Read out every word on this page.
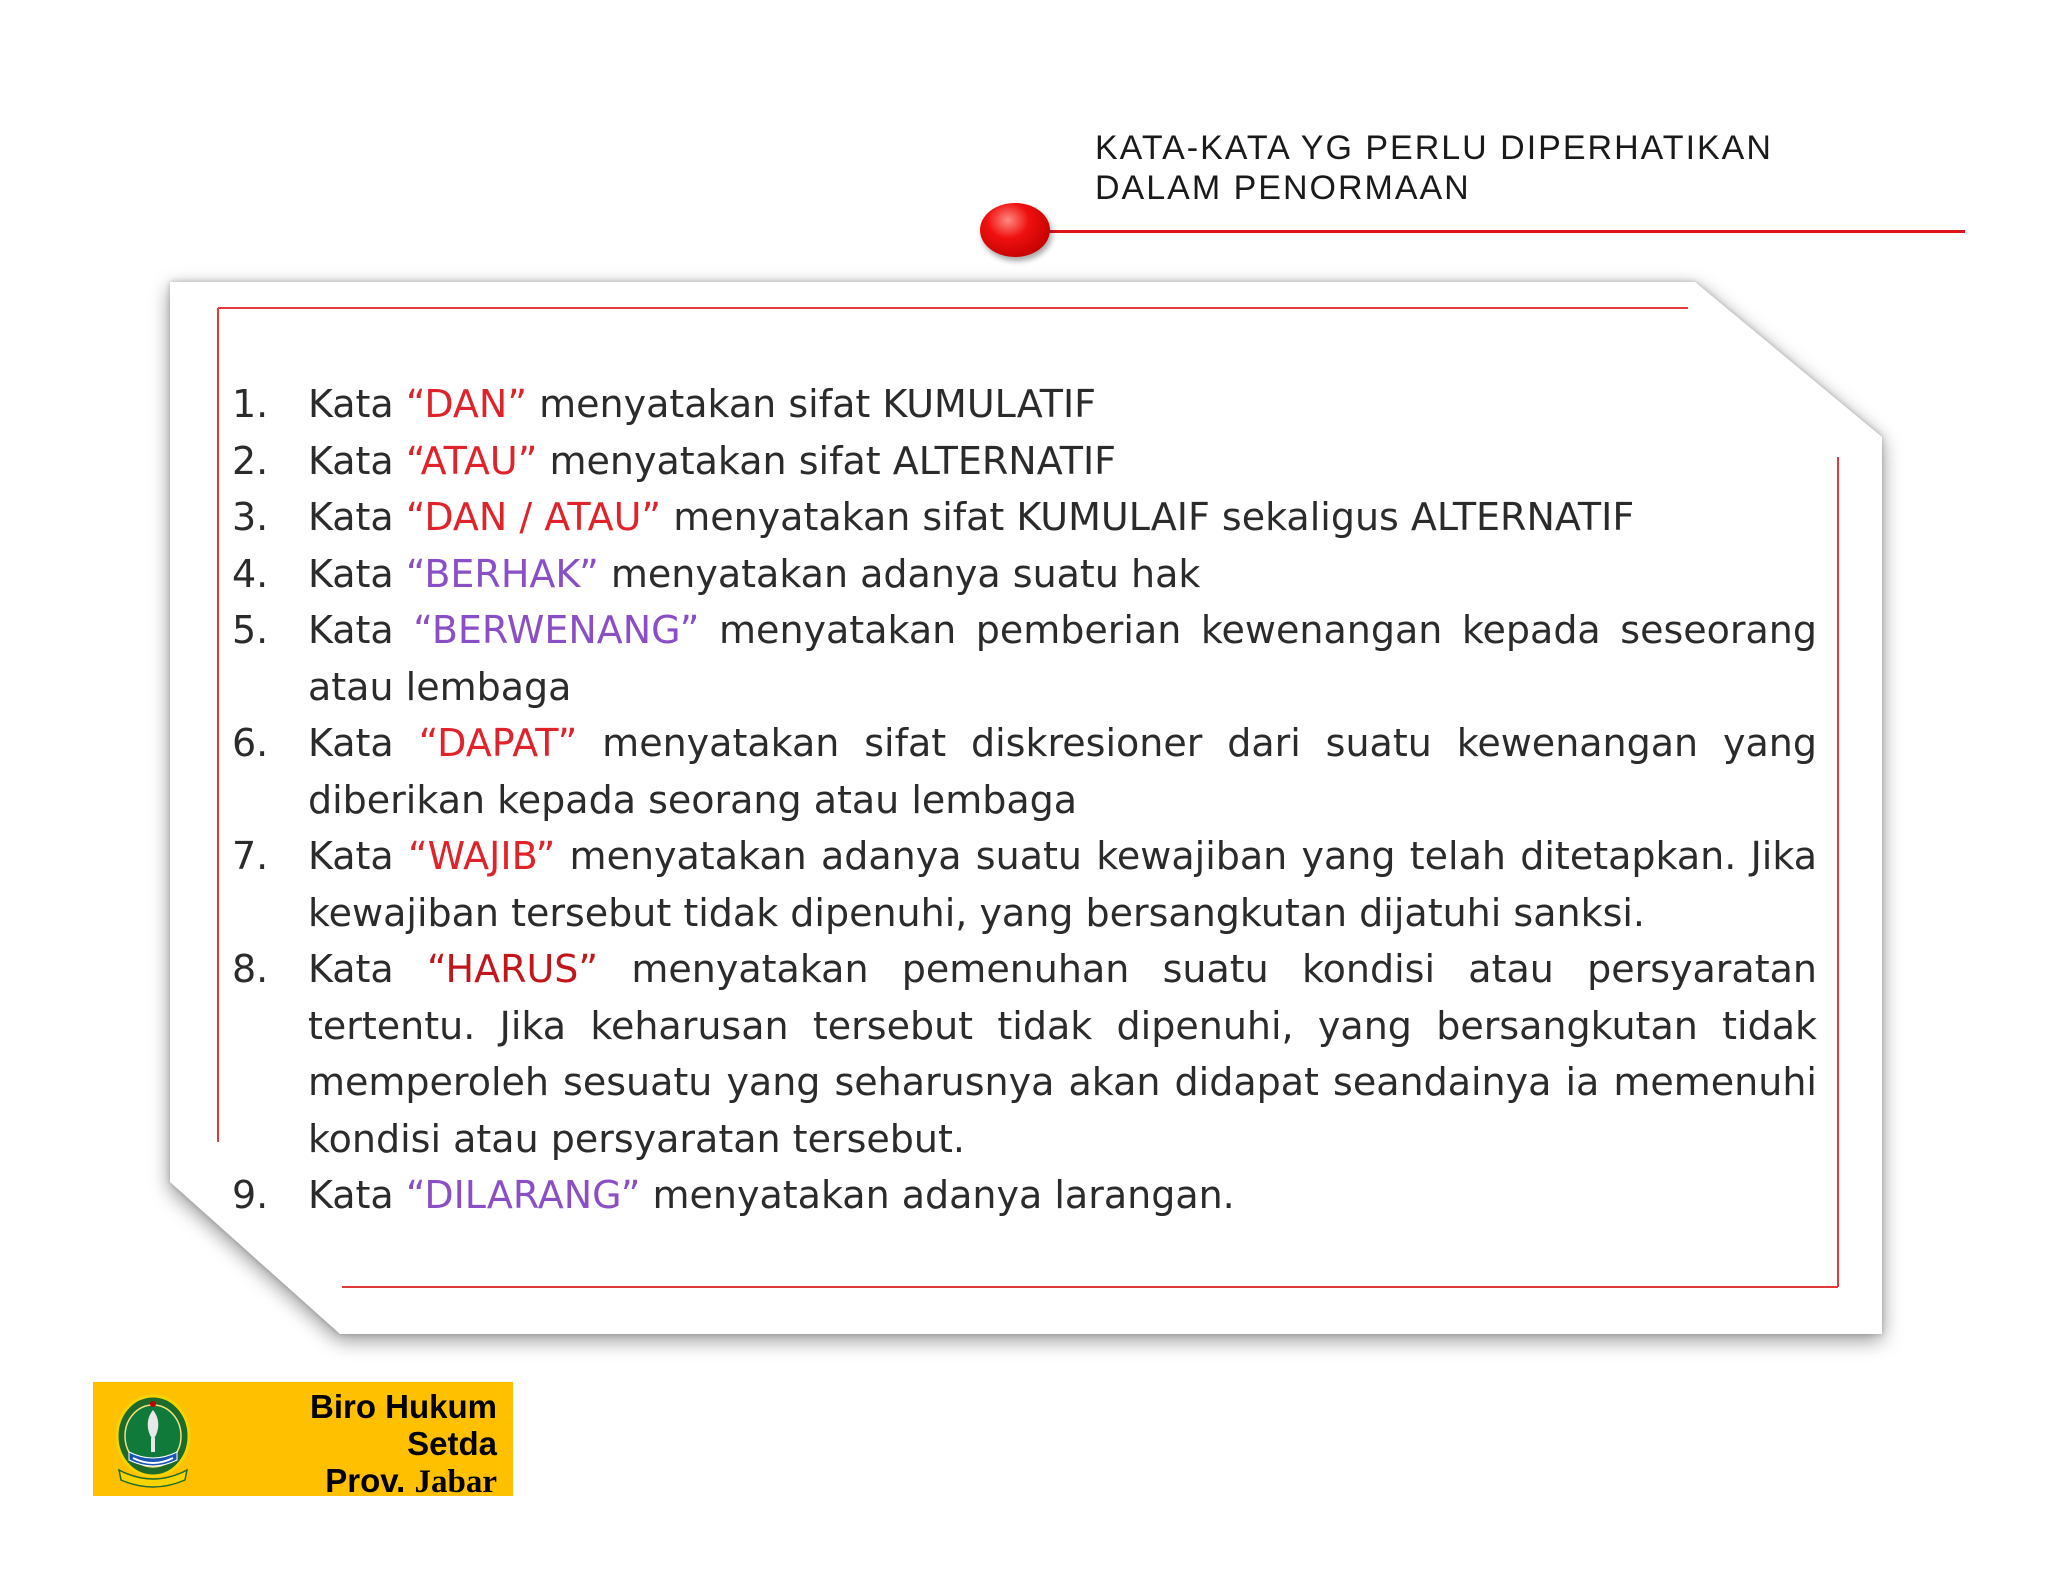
KATA-KATA YG PERLU DIPERHATIKAN
DALAM PENORMAAN
1. Kata “DAN” menyatakan sifat KUMULATIF
2. Kata “ATAU” menyatakan sifat ALTERNATIF
3. Kata “DAN / ATAU” menyatakan sifat KUMULAIF sekaligus ALTERNATIF
4. Kata “BERHAK” menyatakan adanya suatu hak
5. Kata “BERWENANG” menyatakan pemberian kewenangan kepada seseorang atau lembaga
6. Kata “DAPAT” menyatakan sifat diskresioner dari suatu kewenangan yang diberikan kepada seorang atau lembaga
7. Kata “WAJIB” menyatakan adanya suatu kewajiban yang telah ditetapkan. Jika kewajiban tersebut tidak dipenuhi, yang bersangkutan dijatuhi sanksi.
8. Kata “HARUS” menyatakan pemenuhan suatu kondisi atau persyaratan tertentu. Jika keharusan tersebut tidak dipenuhi, yang bersangkutan tidak memperoleh sesuatu yang seharusnya akan didapat seandainya ia memenuhi kondisi atau persyaratan tersebut.
9. Kata “DILARANG” menyatakan adanya larangan.
Biro Hukum
Setda
Prov. Jabar
